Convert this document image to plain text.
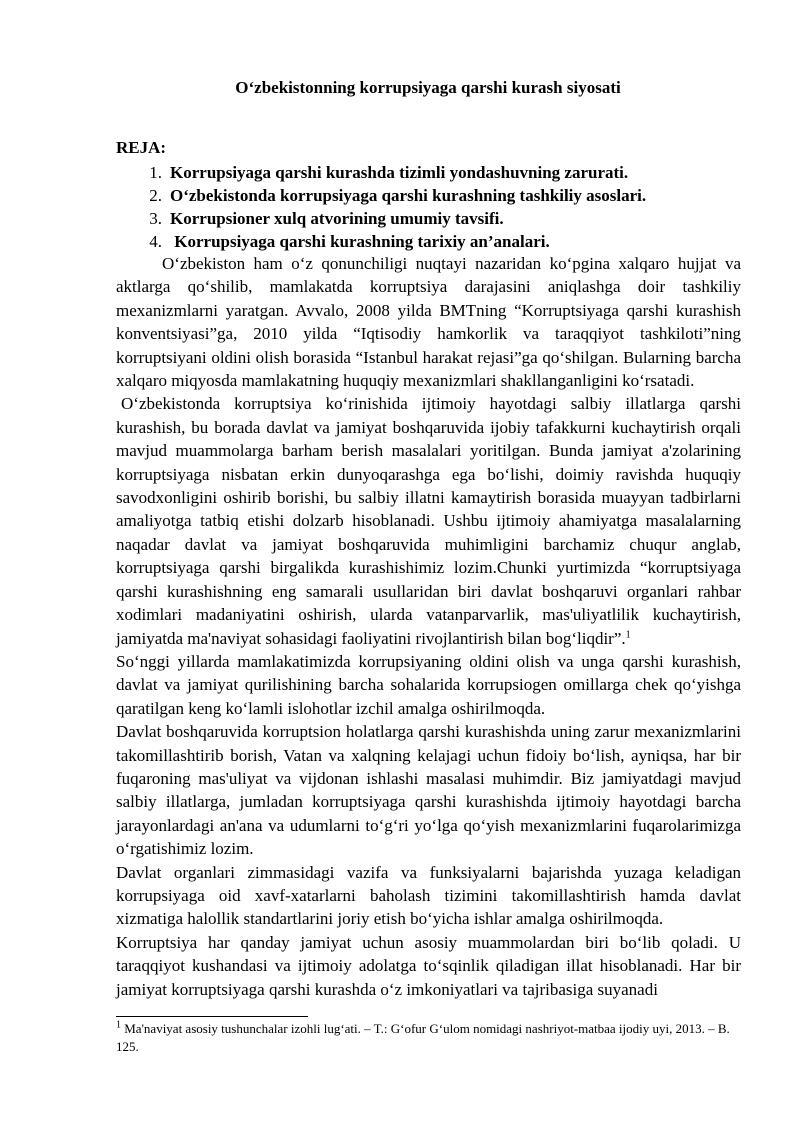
O‘zbekistonning korrupsiyaga qarshi kurash siyosati
REJA:
1. Korrupsiyaga qarshi kurashda tizimli yondashuvning zarurati.
2. O‘zbekistonda korrupsiyaga qarshi kurashning tashkiliy asoslari.
3. Korrupsioner xulq atvorining umumiy tavsifi.
4. Korrupsiyaga qarshi kurashning tarixiy an’analari.

O‘zbekiston ham o‘z qonunchiligi nuqtayi nazaridan ko‘pgina xalqaro hujjat va aktlarga qo‘shilib, mamlakatda korruptsiya darajasini aniqlashga doir tashkiliy mexanizmlarni yaratgan. Avvalo, 2008 yilda BMTning “Korruptsiyaga qarshi kurashish konventsiyasi”ga, 2010 yilda “Iqtisodiy hamkorlik va taraqqiyot tashkiloti”ning korruptsiyani oldini olish borasida “Istanbul harakat rejasi”ga qo‘shilgan. Bularning barcha xalqaro miqyosda mamlakatning huquqiy mexanizmlari shakllanganligini ko‘rsatadi.

O‘zbekistonda korruptsiya ko‘rinishida ijtimoiy hayotdagi salbiy illatlarga qarshi kurashish, bu borada davlat va jamiyat boshqaruvida ijobiy tafakkurni kuchaytirish orqali mavjud muammolarga barham berish masalalari yoritilgan. Bunda jamiyat a'zolarining korruptsiyaga nisbatan erkin dunyoqarashga ega bo‘lishi, doimiy ravishda huquqiy savodxonligini oshirib borishi, bu salbiy illatni kamaytirish borasida muayyan tadbirlarni amaliyotga tatbiq etishi dolzarb hisoblanadi. Ushbu ijtimoiy ahamiyatga masalalarning naqadar davlat va jamiyat boshqaruvida muhimligini barchamiz chuqur anglab, korruptsiyaga qarshi birgalikda kurashishimiz lozim.Chunki yurtimizda “korruptsiyaga qarshi kurashishning eng samarali usullaridan biri davlat boshqaruvi organlari rahbar xodimlari madaniyatini oshirish, ularda vatanparvarlik, mas'uliyatlilik kuchaytirish, jamiyatda ma'naviyat sohasidagi faoliyatini rivojlantirish bilan bog‘liqdir”.$^1$

So‘nggi yillarda mamlakatimizda korrupsiyaning oldini olish va unga qarshi kurashish, davlat va jamiyat qurilishining barcha sohalarida korrupsiogen omillarga chek qo‘yishga qaratilgan keng ko‘lamli islohotlar izchil amalga oshirilmoqda.

Davlat boshqaruvida korruptsion holatlarga qarshi kurashishda uning zarur mexanizmlarini takomillashtirib borish, Vatan va xalqning kelajagi uchun fidoiy bo‘lish, ayniqsa, har bir fuqaroning mas'uliyat va vijdonan ishlashi masalasi muhimdir. Biz jamiyatdagi mavjud salbiy illatlarga, jumladan korruptsiyaga qarshi kurashishda ijtimoiy hayotdagi barcha jarayonlardagi an'ana va udumlarni to‘g‘ri yo‘lga qo‘yish mexanizmlarini fuqarolarimizga o‘rgatishimiz lozim.

Davlat organlari zimmasidagi vazifa va funksiyalarni bajarishda yuzaga keladigan korrupsiyaga oid xavf-xatarlarni baholash tizimini takomillashtirish hamda davlat xizmatiga halollik standartlarini joriy etish bo‘yicha ishlar amalga oshirilmoqda.

Korruptsiya har qanday jamiyat uchun asosiy muammolardan biri bo‘lib qoladi. U taraqqiyot kushandasi va ijtimoiy adolatga to‘sqinlik qiladigan illat hisoblanadi. Har bir jamiyat korruptsiyaga qarshi kurashda o‘z imkoniyatlari va tajribasiga suyanadi

$^1$ Ma'naviyat asosiy tushunchalar izohli lug‘ati. – T.: G‘ofur G‘ulom nomidagi nashriyot-matbaa ijodiy uyi, 2013. – B. 125.
